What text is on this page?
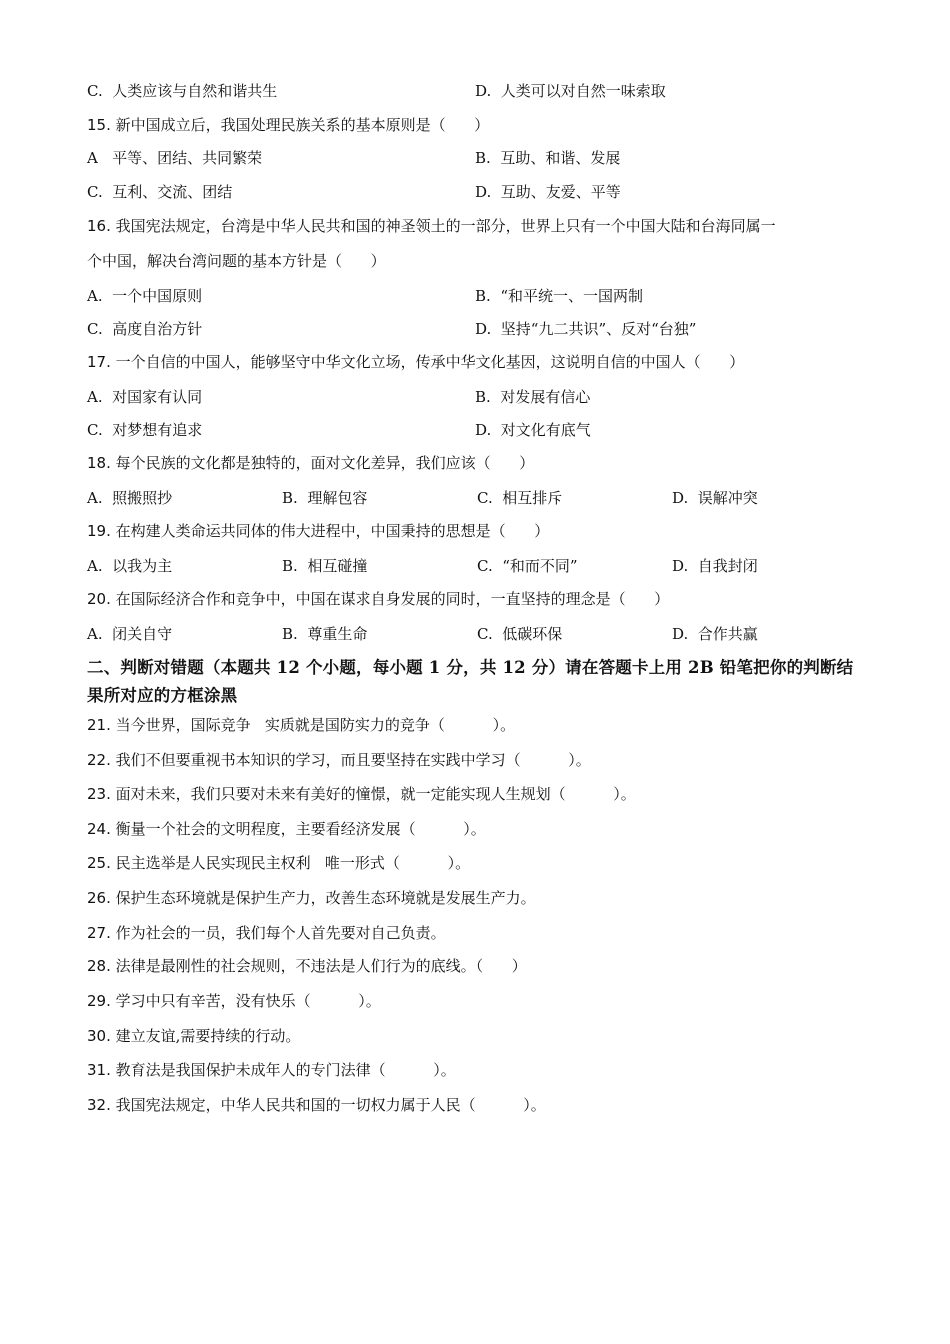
C.  人类应该与自然和谐共生	D.  人类可以对自然一味索取
15. 新中国成立后，我国处理民族关系的基本原则是（      ）
A   平等、团结、共同繁荣	B.  互助、和谐、发展
C.  互利、交流、团结	D.  互助、友爱、平等
16. 我国宪法规定，台湾是中华人民共和国的神圣领土的一部分，世界上只有一个中国大陆和台海同属一
个中国，解决台湾问题的基本方针是（      ）
A.  一个中国原则	B.  “和平统一、一国两制
C.  高度自治方针	D.  坚持“九二共识”、反对“台独”
17. 一个自信的中国人，能够坚守中华文化立场，传承中华文化基因，这说明自信的中国人（      ）
A.  对国家有认同	B.  对发展有信心
C.  对梦想有追求	D.  对文化有底气
18. 每个民族的文化都是独特的，面对文化差异，我们应该（      ）
A.  照搬照抄	B.  理解包容	C.  相互排斥	D.  误解冲突
19. 在构建人类命运共同体的伟大进程中，中国秉持的思想是（      ）
A.  以我为主	B.  相互碰撞	C.  “和而不同”	D.  自我封闭
20. 在国际经济合作和竞争中，中国在谋求自身发展的同时，一直坚持的理念是（      ）
A.  闭关自守	B.  尊重生命	C.  低碳环保	D.  合作共赢
二、判断对错题（本题共 12 个小题，每小题 1 分，共 12 分）请在答题卡上用 2B 铅笔把你的判断结果所对应的方框涂黑
21. 当今世界，国际竞争   实质就是国防实力的竞争（          ）。
22. 我们不但要重视书本知识的学习，而且要坚持在实践中学习（          ）。
23. 面对未来，我们只要对未来有美好的憧憬，就一定能实现人生规划（          ）。
24. 衡量一个社会的文明程度，主要看经济发展（          ）。
25. 民主选举是人民实现民主权利   唯一形式（          ）。
26. 保护生态环境就是保护生产力，改善生态环境就是发展生产力。
27. 作为社会的一员，我们每个人首先要对自己负责。
28. 法律是最刚性的社会规则，不违法是人们行为的底线。（      ）
29. 学习中只有辛苦，没有快乐（          ）。
30. 建立友谊,需要持续的行动。
31. 教育法是我国保护未成年人的专门法律（          ）。
32. 我国宪法规定，中华人民共和国的一切权力属于人民（          ）。
